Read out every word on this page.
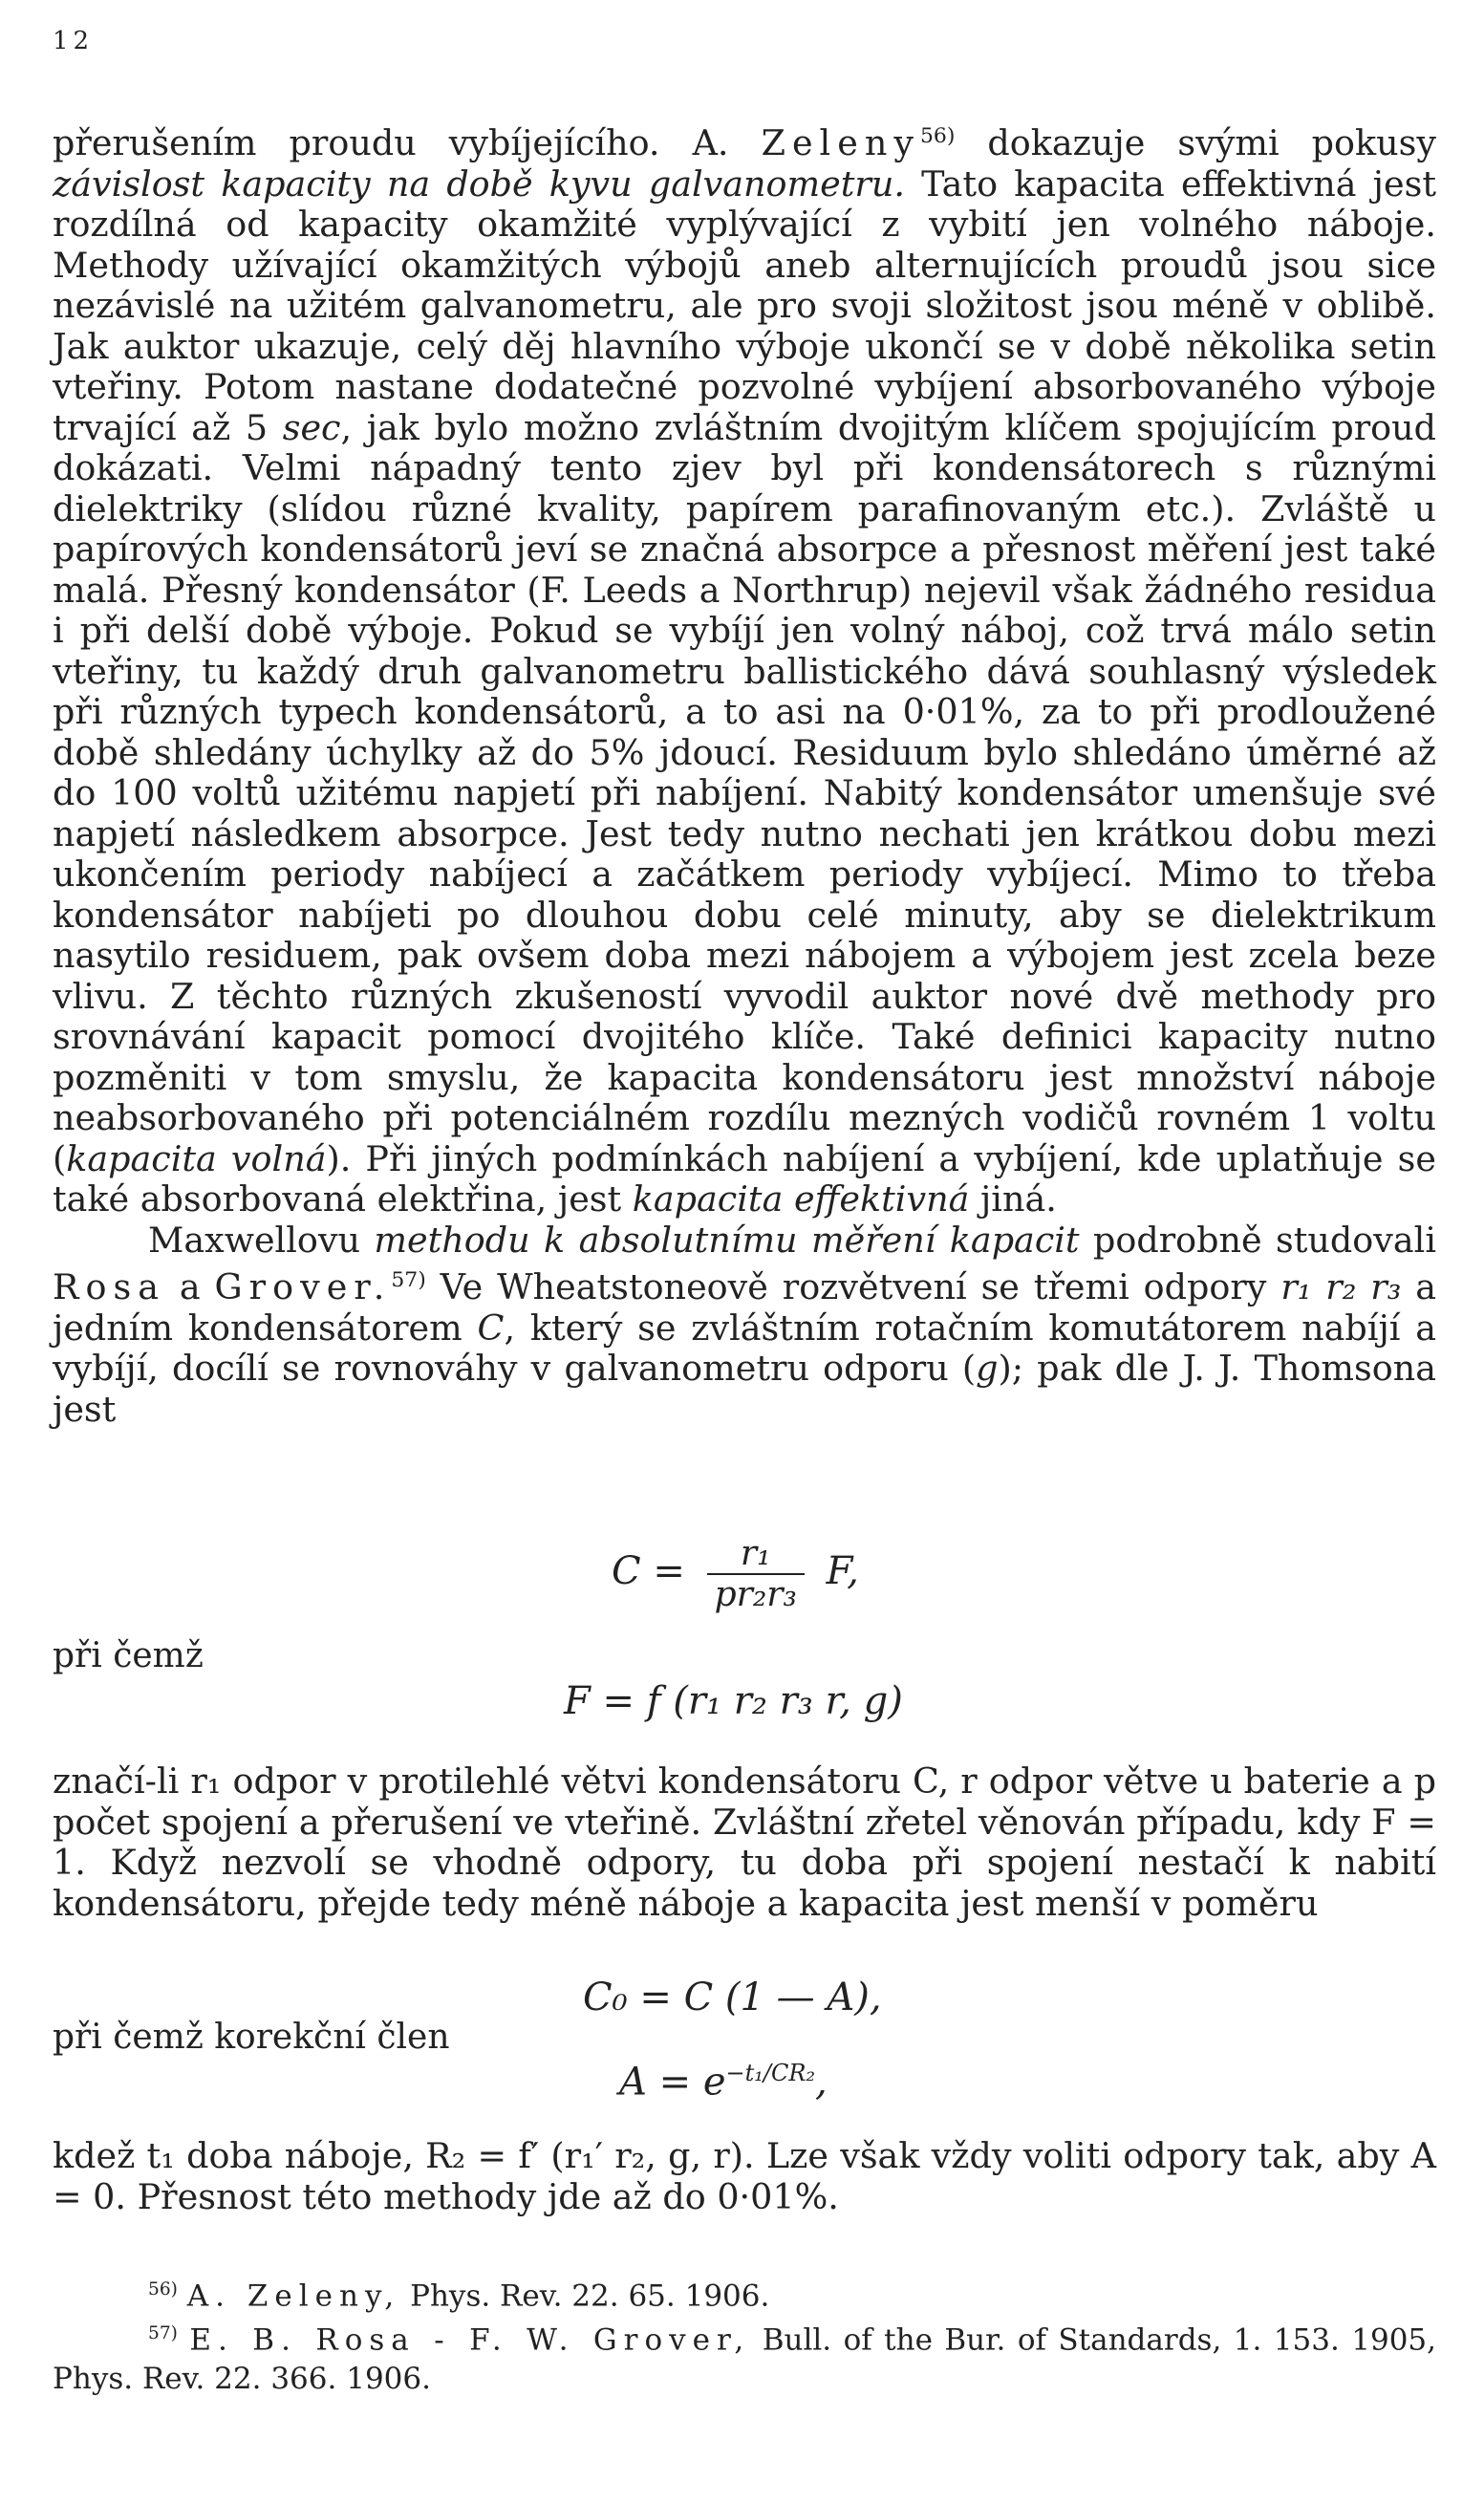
12

přerušením proudu vybíjejícího. A. Zeleny$^{56)}$ dokazuje svými pokusy závislost kapacity na době kyvu galvanometru. Tato kapacita effektivná jest rozdílná od kapacity okamžité vyplývající z vybití jen volného náboje. Methody užívající okamžitých výbojů aneb alternujících proudů jsou sice nezávislé na užitém galvanometru, ale pro svoji složitost jsou méně v oblibě. Jak auktor ukazuje, celý děj hlavního výboje ukončí se v době několika setin vteřiny. Potom nastane dodatečné pozvolné vybíjení absorbovaného výboje trvající až 5 sec, jak bylo možno zvláštním dvojitým klíčem spojujícím proud dokázati. Velmi nápadný tento zjev byl při kondensátorech s různými dielektriky (slídou různé kvality, papírem parafinovaným etc.). Zvláště u papírových kondensátorů jeví se značná absorpce a přesnost měření jest také malá. Přesný kondensátor (F. Leeds a Northrup) nejevil však žádného residua i při delší době výboje. Pokud se vybíjí jen volný náboj, což trvá málo setin vteřiny, tu každý druh galvanometru ballistického dává souhlasný výsledek při různých typech kondensátorů, a to asi na 0·01%, za to při prodloužené době shledány úchylky až do 5% jdoucí. Residuum bylo shledáno úměrné až do 100 voltů užitému napjetí při nabíjení. Nabitý kondensátor umenšuje své napjetí následkem absorpce. Jest tedy nutno nechati jen krátkou dobu mezi ukončením periody nabíjecí a začátkem periody vybíjecí. Mimo to třeba kondensátor nabíjeti po dlouhou dobu celé minuty, aby se dielektrikum nasytilo residuem, pak ovšem doba mezi nábojem a výbojem jest zcela beze vlivu. Z těchto různých zkušeností vyvodil auktor nové dvě methody pro srovnávání kapacit pomocí dvojitého klíče. Také definici kapacity nutno pozměniti v tom smyslu, že kapacita kondensátoru jest množství náboje neabsorbovaného při potenciálném rozdílu mezných vodičů rovném 1 voltu (kapacita volná). Při jiných podmínkách nabíjení a vybíjení, kde uplatňuje se také absorbovaná elektřina, jest kapacita effektivná jiná.

Maxwellovu methodu k absolutnímu měření kapacit podrobně studovali Rosa a Grover.$^{57)}$ Ve Wheatstoneově rozvětvení se třemi odpory r₁ r₂ r₃ a jedním kondensátorem C, který se zvláštním rotačním komutátorem nabíjí a vybíjí, docílí se rovnováhy v galvanometru odporu (g); pak dle J. J. Thomsona jest

$C = \frac{\text{r₁}}{\text{pr₂r₃}} F$,
při čemž
F = f (r₁ r₂ r₃ r, g)

značí-li r₁ odpor v protilehlé větvi kondensátoru C, r odpor větve u baterie a p počet spojení a přerušení ve vteřině. Zvláštní zřetel věnován případu, kdy F = 1. Když nezvolí se vhodně odpory, tu doba při spojení nestačí k nabití kondensátoru, přejde tedy méně náboje a kapacita jest menší v poměru

C₀ = C (1 — A),
při čemž korekční člen
$A = e^{-t_1/CR_2}$,

kdež t₁ doba náboje, R₂ = f′ (r₁′ r₂, g, r). Lze však vždy voliti odpory tak, aby A = 0. Přesnost této methody jde až do 0·01%.

$^{56)}$ A. Zeleny, Phys. Rev. 22. 65. 1906.

$^{57)}$ E. B. Rosa - F. W. Grover, Bull. of the Bur. of Standards, 1. 153. 1905, Phys. Rev. 22. 366. 1906.
